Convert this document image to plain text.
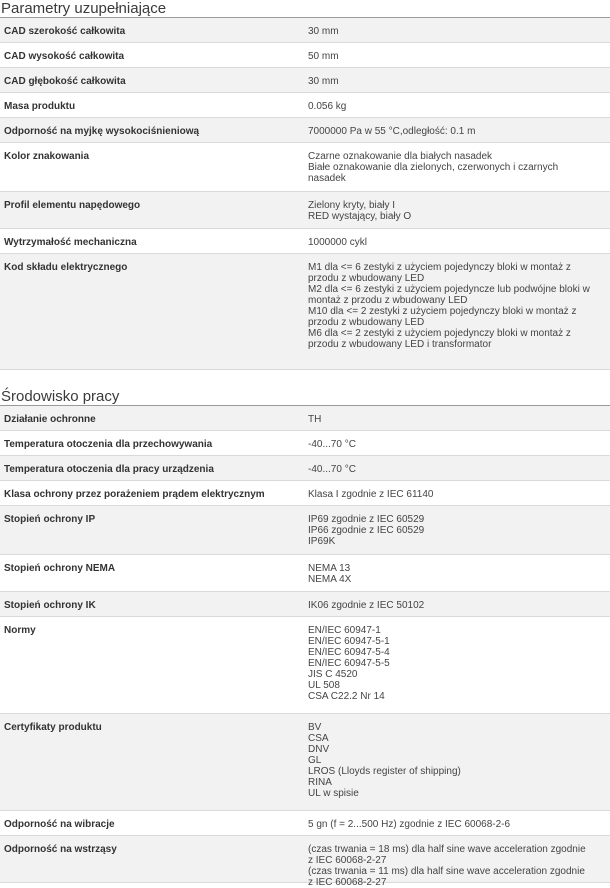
Parametry uzupełniające
CAD szerokość całkowita	30 mm
CAD wysokość całkowita	50 mm
CAD głębokość całkowita	30 mm
Masa produktu	0.056 kg
Odporność na myjkę wysokociśnieniową	7000000 Pa w 55 °C,odległość: 0.1 m
Kolor znakowania	Czarne oznakowanie dla białych nasadek
Białe oznakowanie dla zielonych, czerwonych i czarnych
nasadek
Profil elementu napędowego	Zielony kryty, biały I
RED wystający, biały O
Wytrzymałość mechaniczna	1000000 cykl
Kod składu elektrycznego	M1 dla <= 6 zestyki z użyciem pojedynczy bloki w montaż z
przodu z wbudowany LED
M2 dla <= 6 zestyki z użyciem pojedyncze lub podwójne bloki w
montaż z przodu z wbudowany LED
M10 dla <= 2 zestyki z użyciem pojedynczy bloki w montaż z
przodu z wbudowany LED
M6 dla <= 2 zestyki z użyciem pojedynczy bloki w montaż z
przodu z wbudowany LED i transformator
Środowisko pracy
Działanie ochronne	TH
Temperatura otoczenia dla przechowywania	-40...70 °C
Temperatura otoczenia dla pracy urządzenia	-40...70 °C
Klasa ochrony przez porażeniem prądem elektrycznym	Klasa I zgodnie z IEC 61140
Stopień ochrony IP	IP69 zgodnie z IEC 60529
IP66 zgodnie z IEC 60529
IP69K
Stopień ochrony NEMA	NEMA 13
NEMA 4X
Stopień ochrony IK	IK06 zgodnie z IEC 50102
Normy	EN/IEC 60947-1
EN/IEC 60947-5-1
EN/IEC 60947-5-4
EN/IEC 60947-5-5
JIS C 4520
UL 508
CSA C22.2 Nr 14
Certyfikaty produktu	BV
CSA
DNV
GL
LROS (Lloyds register of shipping)
RINA
UL w spisie
Odporność na wibracje	5 gn (f = 2...500 Hz) zgodnie z IEC 60068-2-6
Odporność na wstrząsy	(czas trwania = 18 ms) dla half sine wave acceleration zgodnie
z IEC 60068-2-27
(czas trwania = 11 ms) dla half sine wave acceleration zgodnie
z IEC 60068-2-27
